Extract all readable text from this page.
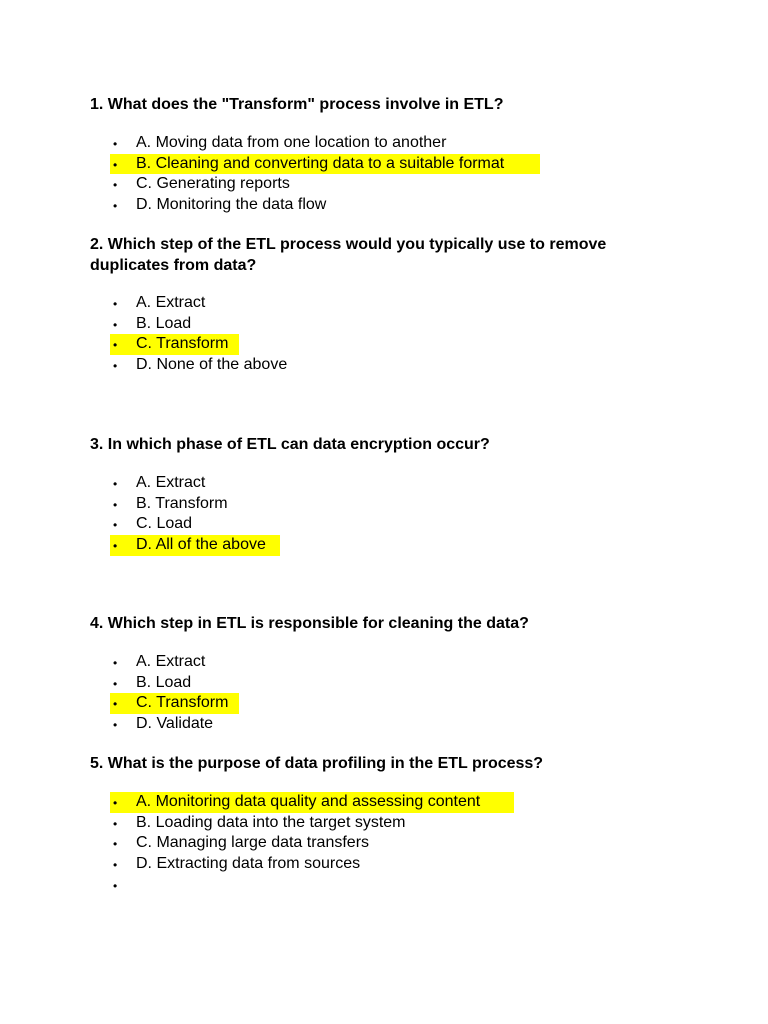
1. What does the "Transform" process involve in ETL?

• A. Moving data from one location to another
• B. Cleaning and converting data to a suitable format
• C. Generating reports
• D. Monitoring the data flow

2. Which step of the ETL process would you typically use to remove duplicates from data?

• A. Extract
• B. Load
• C. Transform
• D. None of the above

3. In which phase of ETL can data encryption occur?

• A. Extract
• B. Transform
• C. Load
• D. All of the above

4. Which step in ETL is responsible for cleaning the data?

• A. Extract
• B. Load
• C. Transform
• D. Validate

5. What is the purpose of data profiling in the ETL process?

• A. Monitoring data quality and assessing content
• B. Loading data into the target system
• C. Managing large data transfers
• D. Extracting data from sources
•
